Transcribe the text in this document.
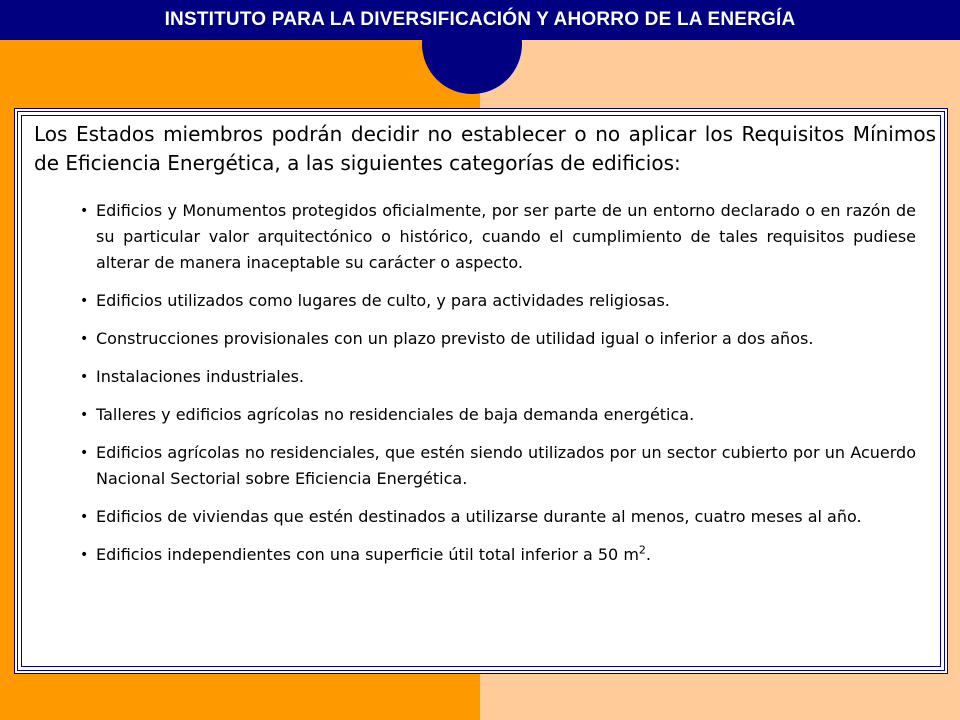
INSTITUTO PARA LA DIVERSIFICACIÓN Y AHORRO DE LA ENERGÍA
Los Estados miembros podrán decidir no establecer o no aplicar los Requisitos Mínimos de Eficiencia Energética, a las siguientes categorías de edificios:
• Edificios y Monumentos protegidos oficialmente, por ser parte de un entorno declarado o en razón de su particular valor arquitectónico o histórico, cuando el cumplimiento de tales requisitos pudiese alterar de manera inaceptable su carácter o aspecto.
• Edificios utilizados como lugares de culto, y para actividades religiosas.
• Construcciones provisionales con un plazo previsto de utilidad igual o inferior a dos años.
• Instalaciones industriales.
• Talleres y edificios agrícolas no residenciales de baja demanda energética.
• Edificios agrícolas no residenciales, que estén siendo utilizados por un sector cubierto por un Acuerdo Nacional Sectorial sobre Eficiencia Energética.
• Edificios de viviendas que estén destinados a utilizarse durante al menos, cuatro meses al año.
• Edificios independientes con una superficie útil total inferior a 50 $m^2$.
